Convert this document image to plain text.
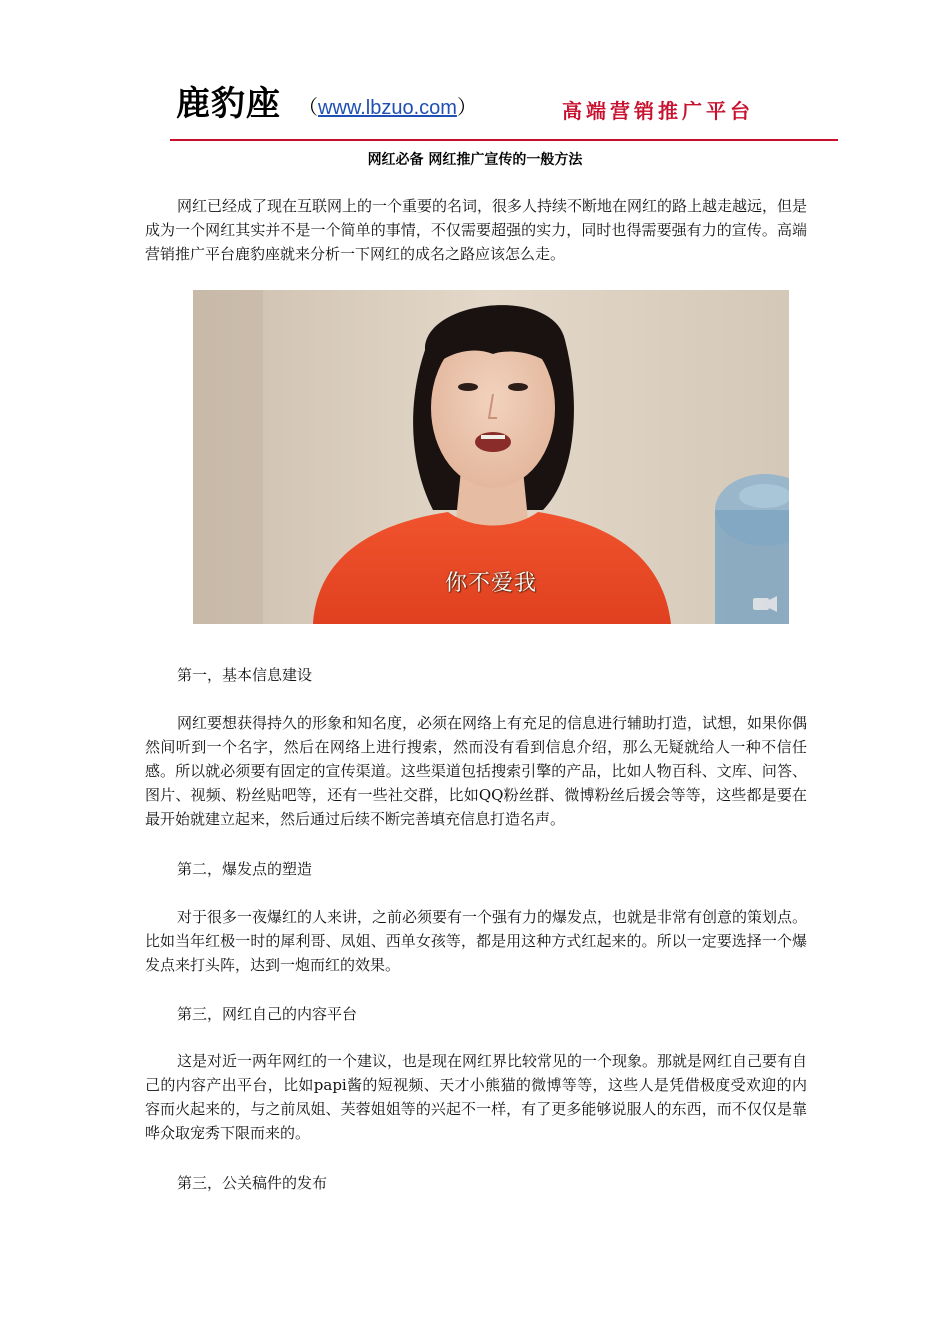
鹿豹座 （www.lbzuo.com）	高端营销推广平台
网红必备 网红推广宣传的一般方法

网红已经成了现在互联网上的一个重要的名词，很多人持续不断地在网红的路上越走越远，但是成为一个网红其实并不是一个简单的事情，不仅需要超强的实力，同时也得需要强有力的宣传。高端营销推广平台鹿豹座就来分析一下网红的成名之路应该怎么走。

你不爱我

第一，基本信息建设

网红要想获得持久的形象和知名度，必须在网络上有充足的信息进行辅助打造，试想，如果你偶然间听到一个名字，然后在网络上进行搜索，然而没有看到信息介绍，那么无疑就给人一种不信任感。所以就必须要有固定的宣传渠道。这些渠道包括搜索引擎的产品，比如人物百科、文库、问答、图片、视频、粉丝贴吧等，还有一些社交群，比如QQ粉丝群、微博粉丝后援会等等，这些都是要在最开始就建立起来，然后通过后续不断完善填充信息打造名声。

第二，爆发点的塑造

对于很多一夜爆红的人来讲，之前必须要有一个强有力的爆发点，也就是非常有创意的策划点。比如当年红极一时的犀利哥、凤姐、西单女孩等，都是用这种方式红起来的。所以一定要选择一个爆发点来打头阵，达到一炮而红的效果。

第三，网红自己的内容平台

这是对近一两年网红的一个建议，也是现在网红界比较常见的一个现象。那就是网红自己要有自己的内容产出平台，比如papi酱的短视频、天才小熊猫的微博等等，这些人是凭借极度受欢迎的内容而火起来的，与之前凤姐、芙蓉姐姐等的兴起不一样，有了更多能够说服人的东西，而不仅仅是靠哗众取宠秀下限而来的。

第三，公关稿件的发布
